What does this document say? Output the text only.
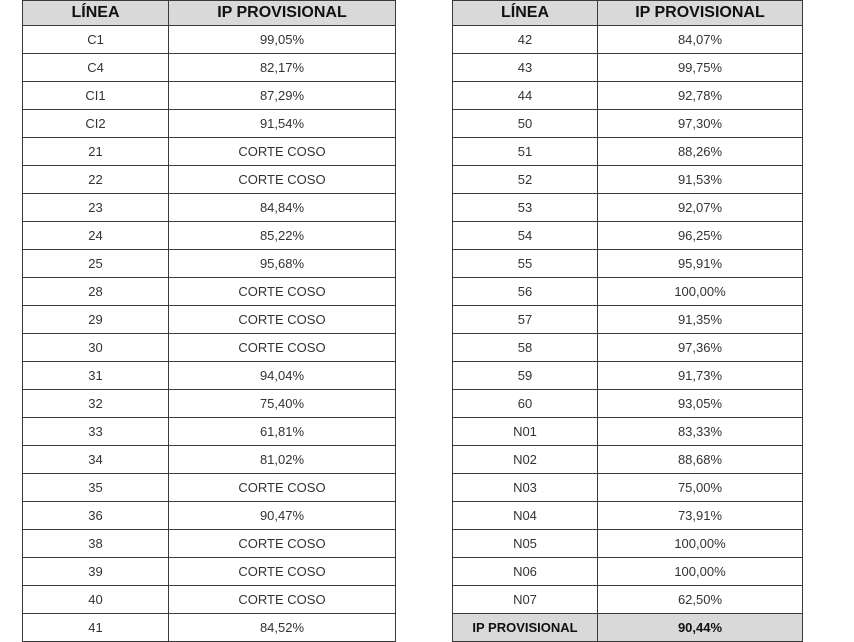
LÍNEA	IP PROVISIONAL
C1	99,05%
C4	82,17%
CI1	87,29%
CI2	91,54%
21	CORTE COSO
22	CORTE COSO
23	84,84%
24	85,22%
25	95,68%
28	CORTE COSO
29	CORTE COSO
30	CORTE COSO
31	94,04%
32	75,40%
33	61,81%
34	81,02%
35	CORTE COSO
36	90,47%
38	CORTE COSO
39	CORTE COSO
40	CORTE COSO
41	84,52%
LÍNEA	IP PROVISIONAL
42	84,07%
43	99,75%
44	92,78%
50	97,30%
51	88,26%
52	91,53%
53	92,07%
54	96,25%
55	95,91%
56	100,00%
57	91,35%
58	97,36%
59	91,73%
60	93,05%
N01	83,33%
N02	88,68%
N03	75,00%
N04	73,91%
N05	100,00%
N06	100,00%
N07	62,50%
IP PROVISIONAL	90,44%
